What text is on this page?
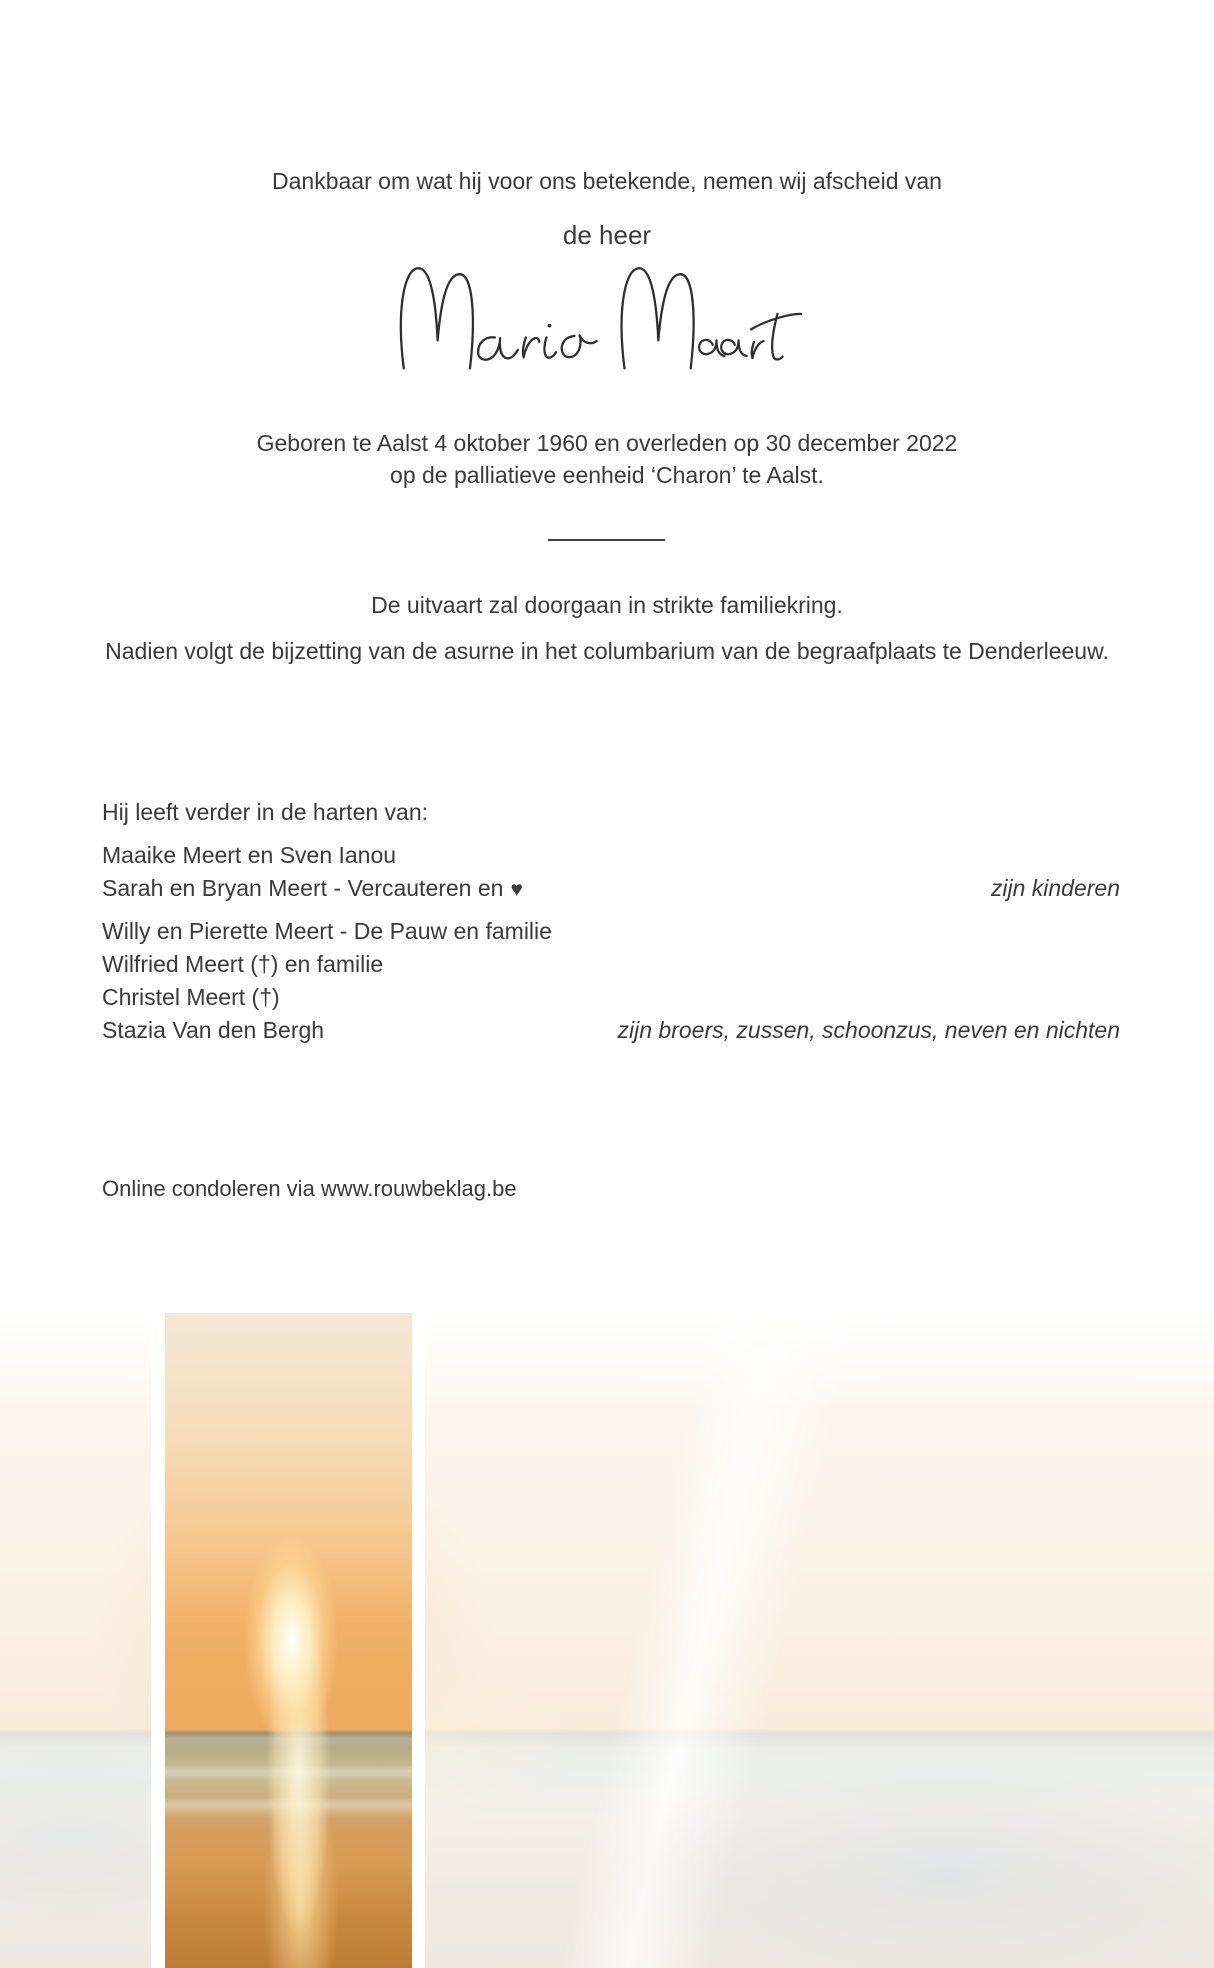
Dankbaar om wat hij voor ons betekende, nemen wij afscheid van
de heer
Geboren te Aalst 4 oktober 1960 en overleden op 30 december 2022
op de palliatieve eenheid ‘Charon’ te Aalst.
De uitvaart zal doorgaan in strikte familiekring.
Nadien volgt de bijzetting van de asurne in het columbarium van de begraafplaats te Denderleeuw.
Hij leeft verder in de harten van:
Maaike Meert en Sven Ianou
Sarah en Bryan Meert - Vercauteren en ♥	zijn kinderen
Willy en Pierette Meert - De Pauw en familie
Wilfried Meert (†) en familie
Christel Meert (†)
Stazia Van den Bergh	zijn broers, zussen, schoonzus, neven en nichten
Online condoleren via www.rouwbeklag.be
